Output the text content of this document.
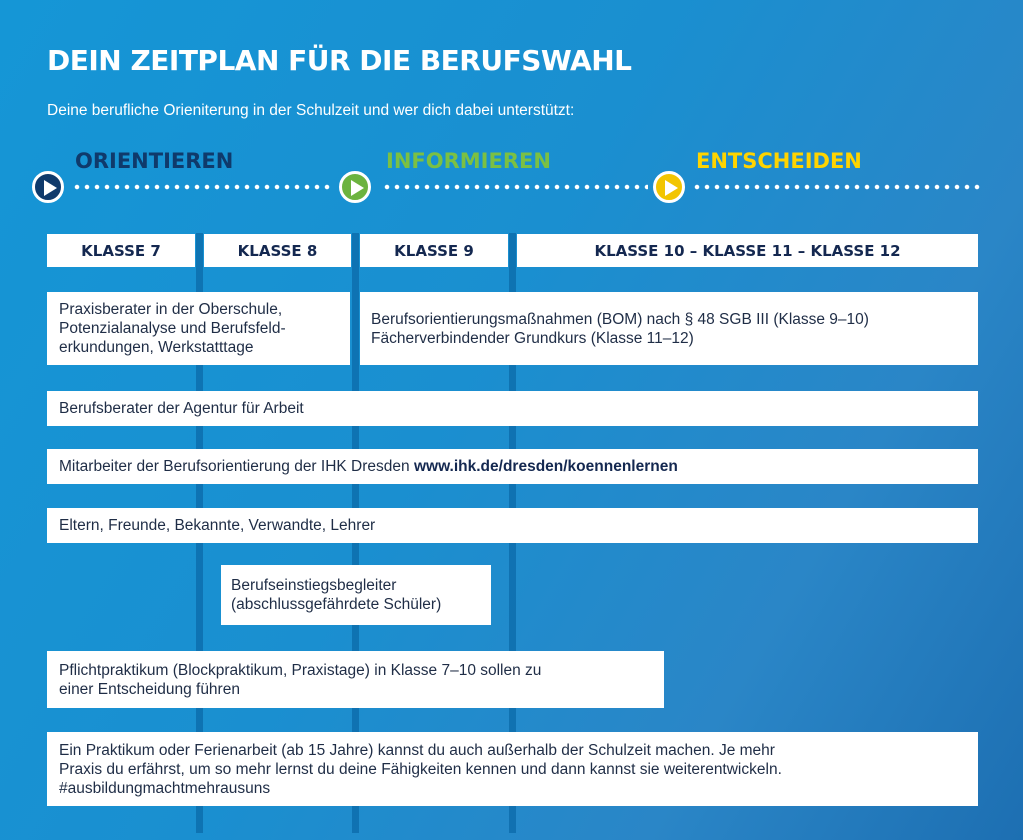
DEIN ZEITPLAN FÜR DIE BERUFSWAHL

Deine berufliche Orieniterung in der Schulzeit und wer dich dabei unterstützt:

ORIENTIEREN	INFORMIEREN	ENTSCHEIDEN

KLASSE 7	KLASSE 8	KLASSE 9	KLASSE 10 – KLASSE 11 – KLASSE 12
Praxisberater in der Oberschule,
Potenzialanalyse und Berufsfeld-
erkundungen, Werkstatttage
Berufsorientierungsmaßnahmen (BOM) nach § 48 SGB III (Klasse 9–10)
Fächerverbindender Grundkurs (Klasse 11–12)
Berufsberater der Agentur für Arbeit
Mitarbeiter der Berufsorientierung der IHK Dresden www.ihk.de/dresden/koennenlernen
Eltern, Freunde, Bekannte, Verwandte, Lehrer
Berufseinstiegsbegleiter
(abschlussgefährdete Schüler)
Pflichtpraktikum (Blockpraktikum, Praxistage) in Klasse 7–10 sollen zu
einer Entscheidung führen
Ein Praktikum oder Ferienarbeit (ab 15 Jahre) kannst du auch außerhalb der Schulzeit machen. Je mehr
Praxis du erfährst, um so mehr lernst du deine Fähigkeiten kennen und dann kannst sie weiterentwickeln.
#ausbildungmachtmehrausuns
